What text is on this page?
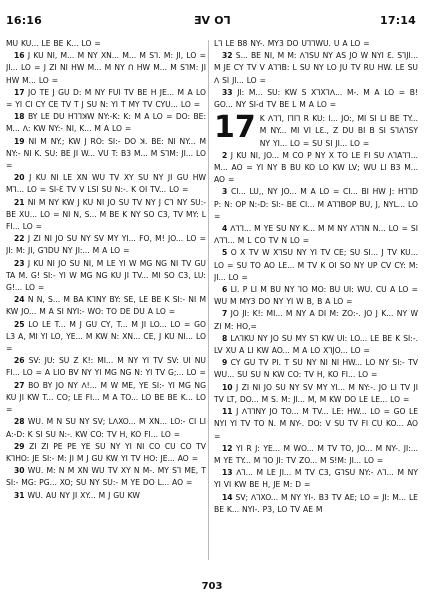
16:16	ƎV Oꓶ	17:14

MU KU... LE BE K... LO =

16 J KU NI, M... M NY XN... M... M Sꓶ. M: JI, LO = JI... LO = J ZI NI HW M... M NY ꓵ HW M... M SꓶM: JI HW M... LO =

17 JO TE J GU D: M NY FUI TV BE H JE... M A LO = YI CI CY CE TV T J SU N: YI T MY TV CYU... LO =

18 BY LE DU HꓶꓶꓘW NY:-K: K: M A LO = DO: BE: M... ꓥ: KW NY:- NI, K... M A LO =

19 NI M NY.; KW J RO: SI:- DO ꓘ. BE: NI NY... M NY:- NI K. SU: BE JI W... VU T: B3 M... M SꓶM: JI... LO =

20 J KU NI LE XN WU TV XY SU NY JI GU HW Mꓶ... LO = SI-Ɛ TV V LSI SU N:-. K OI TV... LO =

21 NI M NY KW J KU NI JO SU TV NY J Cꓶ NY SU:- BE XU... LO = NI N, S... M BE K NY SO C3, TV MY: L FI... LO =

22 J ZI NI JO SU NY SV MY YI... FO, M! JO... LO = JI: M: JI, GꓶDU NY JI:... M A LO =

23 J KU NI JO SU NI, M LE YI W MG NG NI TV GU TA M. G! SI:- YI W MG NG KU JI TV... MI SO C3, LU: G!... LO =

24 N N, S... M BA KꓶNY BY: SE, LE BE K SI:- NI M KW JO... M A SI NYI:- WO: TO DE DU A LO =

25 LO LE T... M J GU CY, T... M JI LO... LO = GO L3 A, MI YI LO, YE... M KW N: XN... CE, J KU NI... LO =

26 SV: JU: SU Z K!: MI... M NY YI TV SV: UI NU FI... LO = A LIO BV NY YI MG NG N: YI TV G;... LO =

27 BO BY JO NY ꓥ!... M W ME, YE SI:- YI MG NG KU JI KW T... CO; LE FI... M A TO... LO BE BE K... LO =

28 WU. M N SU NY SV; LꓥXO... M XN... LO:- CI LI A:-D: K SI SU N:-. KW CO: TV H, KO FI... LO =

29 ZI ZI PE PE YE SU NY YI NI CO CU CO TV KꓶHO: JE SI:- M: JI M J GU KW YI TV HO: JE... AO =

30 WU. M: N M XN WU TV XY N M-. MY Sꓶ ME, T SI:- MG: PG... XO; SU NY SU:- M YE DO L... AO =

31 WU. AU NY JI XY... M J GU KW

Lꓶ LE B8 NY-. MY3 DO UꓶꓶWU. U A LO =

32 S... BE NI, M M: ꓥꓶSU NY AS JO W NYI Ɛ. SꓶJI... M JE CY TV V AꓶꓶB: L SU NY LO JU TV RU HW. LE SU ꓥ SI JI... LO =

33 JI: M... SU: KW S XꓶXꓶꓥ... M-. M A LO = B! GO... NY SI-d TV BE L M A LO =

17 K ꓥꓶꓶ, IꓶIꓶ R KU: I... JO:, MI SI LI BE TY... M NY... MI VI LƐ., Z DU BI B SI SꓶꓥꓶSY NY YI... LO = SU SI JI... LO =

2 J KU NI, JO... M CO P NY X TO LE FI SU ꓥꓶAꓶꓶ... M... AO = YI NY B BU KO LO KW LV; WU LI B3 M... AO =

3 CI... LU,, NY JO... M A LO = CI... BI HW J: HꓶꓶD P: N: OP N:-D: SI:- BE CI... M AꓶꓶBOP BU, J, NYL... LO =

4 ꓥꓶꓶ... M YE SU NY K... M M NY ꓥꓶꓶN N... LO = SI ꓥꓶꓶ... M L CO TV N LO =

5 O X TV W XꓶSU NY YI TV CE; SU SI... J TV KU... LO = SU TO AO LE... M TV K OI SO NY UP CV CY: M: JI... LO =

6 LI. P LI M BU NY ꓶO MO: BU UI: WU. CU A LO = WU M MY3 DO NY YI W B, B A LO =

7 JO JI: K!: MI... M NY A DI M: ZO:-. JO J K... NY W ZI M: HO,=

8 LꓥꓶKU NY JO SU MY Sꓶ KW UI: LO... LE BE K SI:-. LV XU A LI KW AO... M A LO XꓶJO... LO =

9 CY GU TV PI. T SU NY NI NI HW... LO NY SI:- TV WU... SU SU N KW CO: TV H, KO FI... LO =

10 J ZI NI JO SU NY SV MY YI... M NY:-. JO LI TV JI TV LT, DO... M S. M: JI... M, M KW DO LE LE... LO =

11 J ꓥꓶꓶNY JO TO... M TV... LE: HW... LO = GO LE NYI YI TV TO N. M NY-. DO: V SU TV FI CU KO... AO =

12 YI R J: YE... M WO... M TV TO, JO... M NY-. JI:... M YE TY... M ꓶO JI: TV ZO... M S!M: JI... LO =

13 ꓥꓶ... M LE JI... M TV C3, GꓶSU NY:- ꓥꓶ... M NY YI VI KW BE H, JE M: D =

14 SV; ꓥꓶXO... M NY YI-. B3 TV AE; LO = JI: M... LE BE K... NYI-. P3, LO TV AE M

703
